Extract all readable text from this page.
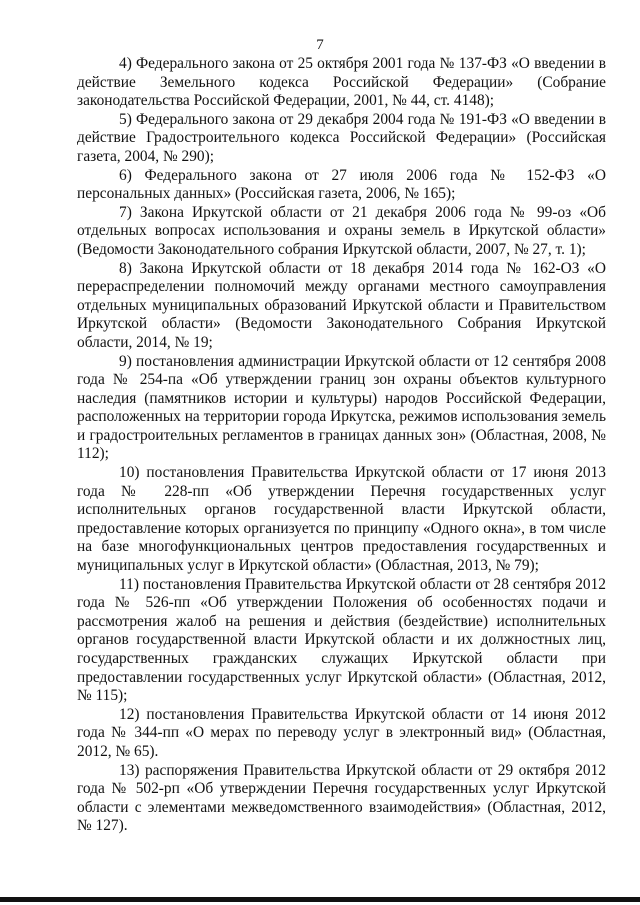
7

4) Федерального закона от 25 октября 2001 года № 137-ФЗ «О введении в действие Земельного кодекса Российской Федерации» (Собрание законодательства Российской Федерации, 2001, № 44, ст. 4148);

5) Федерального закона от 29 декабря 2004 года № 191-ФЗ «О введении в действие Градостроительного кодекса Российской Федерации» (Российская газета, 2004, № 290);

6) Федерального закона от 27 июля 2006 года № 152-ФЗ «О персональных данных» (Российская газета, 2006, № 165);

7) Закона Иркутской области от 21 декабря 2006 года № 99-оз «Об отдельных вопросах использования и охраны земель в Иркутской области» (Ведомости Законодательного собрания Иркутской области, 2007, № 27, т. 1);

8) Закона Иркутской области от 18 декабря 2014 года № 162-ОЗ «О перераспределении полномочий между органами местного самоуправления отдельных муниципальных образований Иркутской области и Правительством Иркутской области» (Ведомости Законодательного Собрания Иркутской области, 2014, № 19;

9) постановления администрации Иркутской области от 12 сентября 2008 года № 254-па «Об утверждении границ зон охраны объектов культурного наследия (памятников истории и культуры) народов Российской Федерации, расположенных на территории города Иркутска, режимов использования земель и градостроительных регламентов в границах данных зон» (Областная, 2008, № 112);

10) постановления Правительства Иркутской области от 17 июня 2013 года № 228-пп «Об утверждении Перечня государственных услуг исполнительных органов государственной власти Иркутской области, предоставление которых организуется по принципу «Одного окна», в том числе на базе многофункциональных центров предоставления государственных и муниципальных услуг в Иркутской области» (Областная, 2013, № 79);

11) постановления Правительства Иркутской области от 28 сентября 2012 года № 526-пп «Об утверждении Положения об особенностях подачи и рассмотрения жалоб на решения и действия (бездействие) исполнительных органов государственной власти Иркутской области и их должностных лиц, государственных гражданских служащих Иркутской области при предоставлении государственных услуг Иркутской области» (Областная, 2012, № 115);

12) постановления Правительства Иркутской области от 14 июня 2012 года № 344-пп «О мерах по переводу услуг в электронный вид» (Областная, 2012, № 65).

13) распоряжения Правительства Иркутской области от 29 октября 2012 года № 502-рп «Об утверждении Перечня государственных услуг Иркутской области с элементами межведомственного взаимодействия» (Областная, 2012, № 127).
